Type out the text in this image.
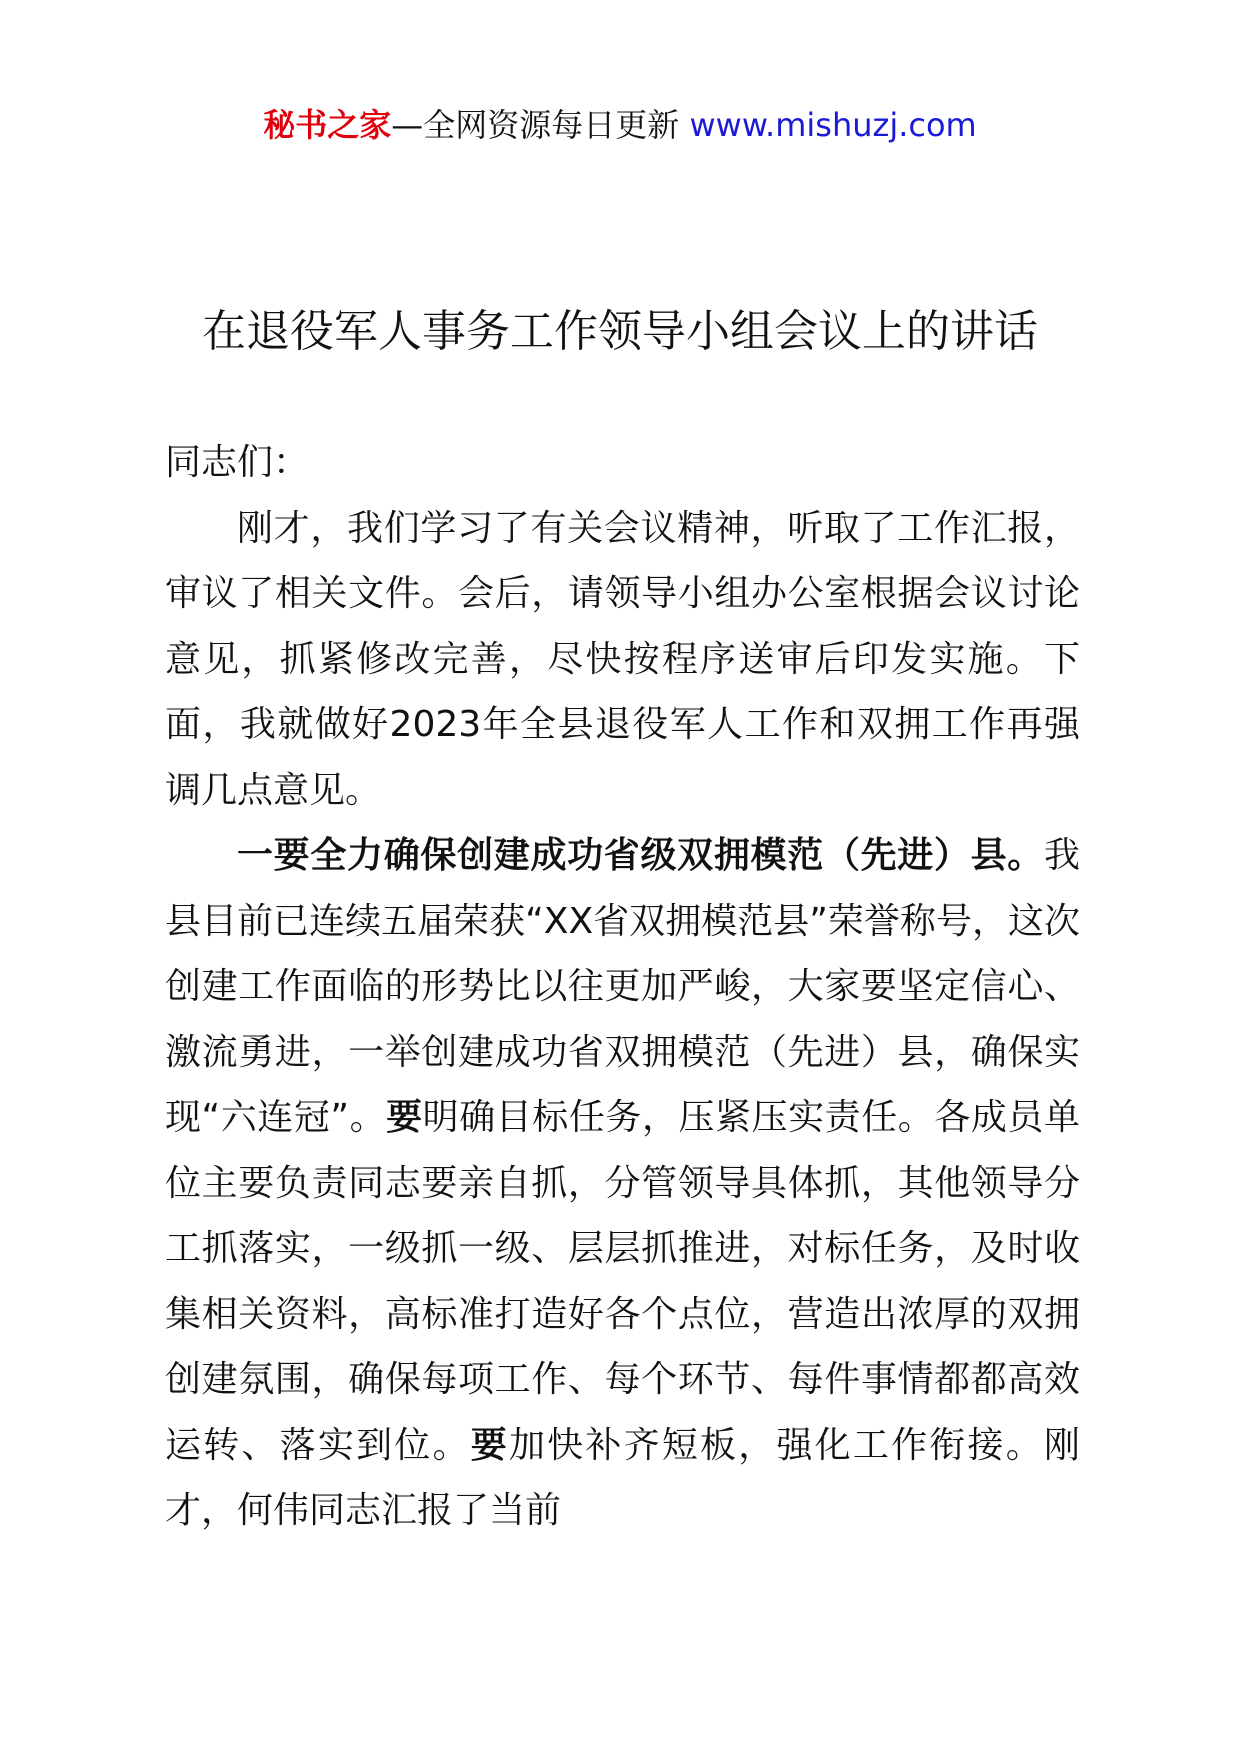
秘书之家—全网资源每日更新 www.mishuzj.com
在退役军人事务工作领导小组会议上的讲话

同志们：

刚才，我们学习了有关会议精神，听取了工作汇报，审议了相关文件。会后，请领导小组办公室根据会议讨论意见，抓紧修改完善，尽快按程序送审后印发实施。下面，我就做好2023年全县退役军人工作和双拥工作再强调几点意见。

一要全力确保创建成功省级双拥模范（先进）县。我县目前已连续五届荣获“XX省双拥模范县”荣誉称号，这次创建工作面临的形势比以往更加严峻，大家要坚定信心、激流勇进，一举创建成功省双拥模范（先进）县，确保实现“六连冠”。要明确目标任务，压紧压实责任。各成员单位主要负责同志要亲自抓，分管领导具体抓，其他领导分工抓落实，一级抓一级、层层抓推进，对标任务，及时收集相关资料，高标准打造好各个点位，营造出浓厚的双拥创建氛围，确保每项工作、每个环节、每件事情都都高效运转、落实到位。要加快补齐短板，强化工作衔接。刚才，何伟同志汇报了当前
